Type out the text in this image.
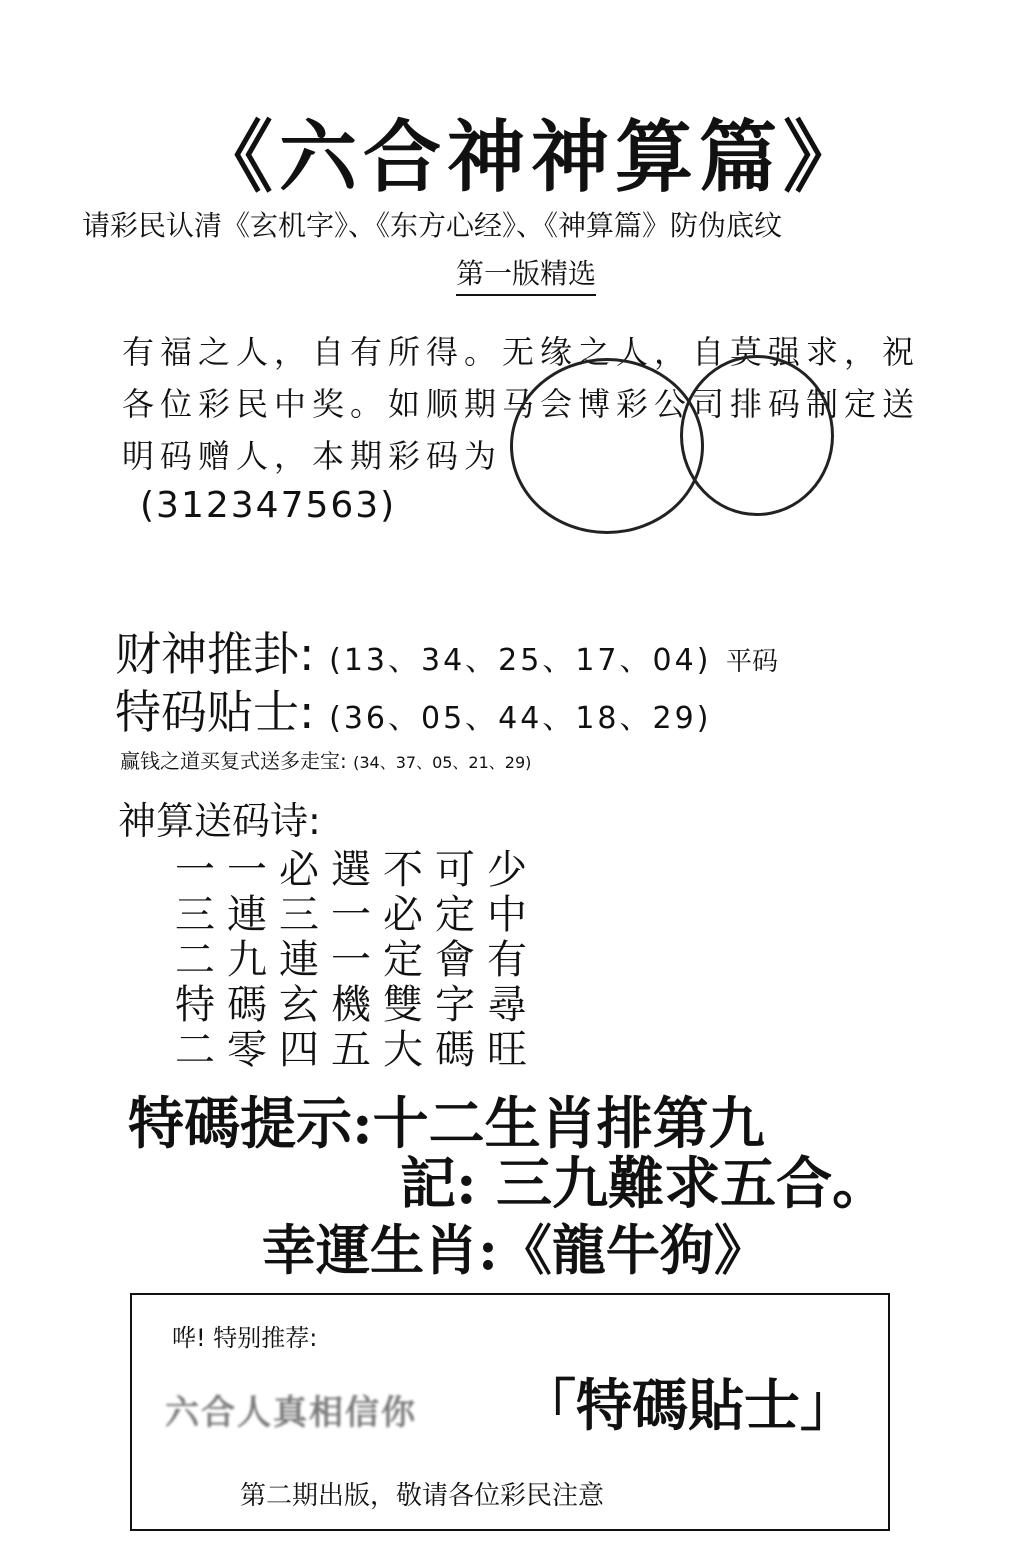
《六合神神算篇》
请彩民认清《玄机字》、《东方心经》、《神算篇》防伪底纹
第一版精选
有福之人，自有所得。无缘之人，自莫强求，祝各位彩民中奖。如顺期马会博彩公司排码制定送明码赠人，本期彩码为
(312347563)
财神推卦: (13、34、25、17、04) 平码
特码贴士: (36、05、44、18、29)
赢钱之道买复式送多走宝: (34、37、05、21、29)
神算送码诗:
一一必選不可少
三連三一必定中
二九連一定會有
特碼玄機雙字尋
二零四五大碼旺
特碼提示:十二生肖排第九
記: 三九難求五合。
幸運生肖:《龍牛狗》
哗! 特别推荐:
六合人真相信你 「特碼貼士」
第二期出版，敬请各位彩民注意
